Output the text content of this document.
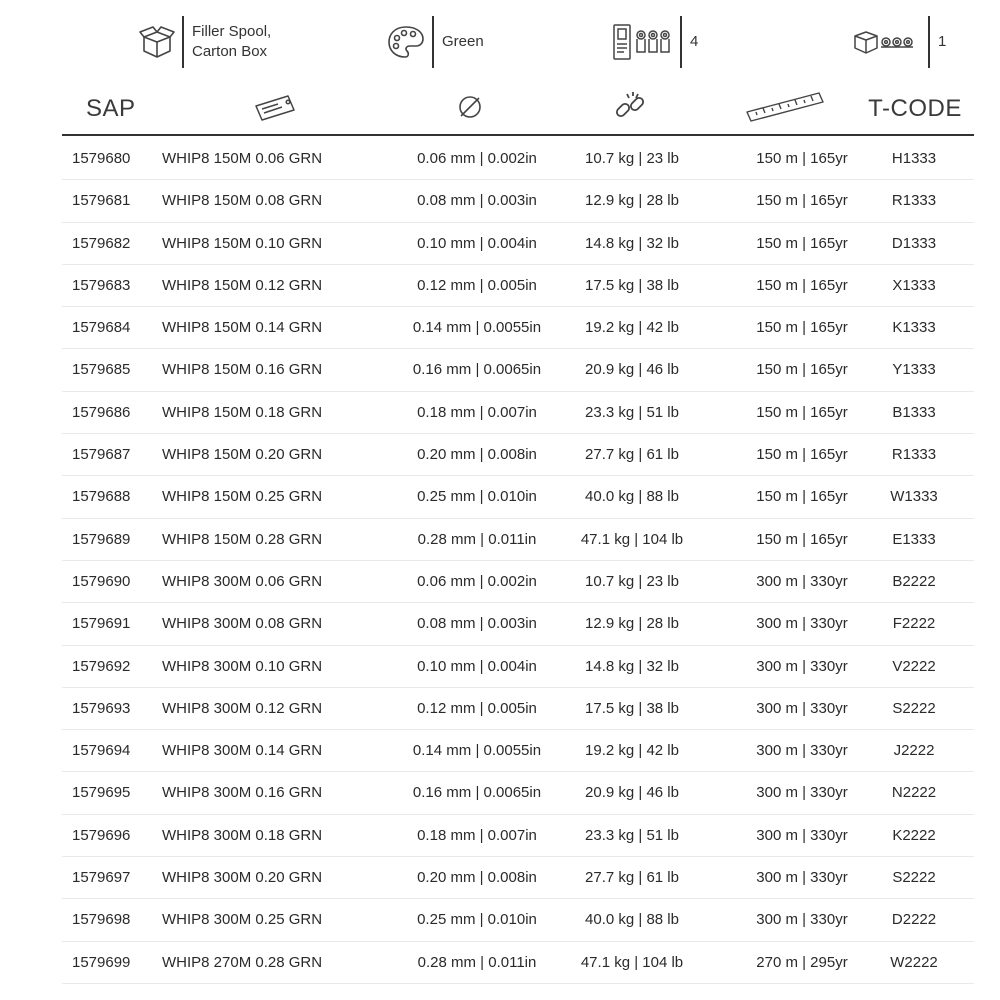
Filler Spool,
Carton Box
Green	4	1
SAP	T-CODE
1579680 WHIP8 150M 0.06 GRN	0.06 mm | 0.002in	10.7 kg | 23 lb	150 m | 165yr	H1333
1579681 WHIP8 150M 0.08 GRN	0.08 mm | 0.003in	12.9 kg | 28 lb	150 m | 165yr	R1333
1579682 WHIP8 150M 0.10 GRN	0.10 mm | 0.004in	14.8 kg | 32 lb	150 m | 165yr	D1333
1579683 WHIP8 150M 0.12 GRN	0.12 mm | 0.005in	17.5 kg | 38 lb	150 m | 165yr	X1333
1579684 WHIP8 150M 0.14 GRN	0.14 mm | 0.0055in	19.2 kg | 42 lb	150 m | 165yr	K1333
1579685 WHIP8 150M 0.16 GRN	0.16 mm | 0.0065in	20.9 kg | 46 lb	150 m | 165yr	Y1333
1579686 WHIP8 150M 0.18 GRN	0.18 mm | 0.007in	23.3 kg | 51 lb	150 m | 165yr	B1333
1579687 WHIP8 150M 0.20 GRN	0.20 mm | 0.008in	27.7 kg | 61 lb	150 m | 165yr	R1333
1579688 WHIP8 150M 0.25 GRN	0.25 mm | 0.010in	40.0 kg | 88 lb	150 m | 165yr	W1333
1579689 WHIP8 150M 0.28 GRN	0.28 mm | 0.011in	47.1 kg | 104 lb	150 m | 165yr	E1333
1579690 WHIP8 300M 0.06 GRN	0.06 mm | 0.002in	10.7 kg | 23 lb	300 m | 330yr	B2222
1579691 WHIP8 300M 0.08 GRN	0.08 mm | 0.003in	12.9 kg | 28 lb	300 m | 330yr	F2222
1579692 WHIP8 300M 0.10 GRN	0.10 mm | 0.004in	14.8 kg | 32 lb	300 m | 330yr	V2222
1579693 WHIP8 300M 0.12 GRN	0.12 mm | 0.005in	17.5 kg | 38 lb	300 m | 330yr	S2222
1579694 WHIP8 300M 0.14 GRN	0.14 mm | 0.0055in	19.2 kg | 42 lb	300 m | 330yr	J2222
1579695 WHIP8 300M 0.16 GRN	0.16 mm | 0.0065in	20.9 kg | 46 lb	300 m | 330yr	N2222
1579696 WHIP8 300M 0.18 GRN	0.18 mm | 0.007in	23.3 kg | 51 lb	300 m | 330yr	K2222
1579697 WHIP8 300M 0.20 GRN	0.20 mm | 0.008in	27.7 kg | 61 lb	300 m | 330yr	S2222
1579698 WHIP8 300M 0.25 GRN	0.25 mm | 0.010in	40.0 kg | 88 lb	300 m | 330yr	D2222
1579699 WHIP8 270M 0.28 GRN	0.28 mm | 0.011in	47.1 kg | 104 lb	270 m | 295yr	W2222
